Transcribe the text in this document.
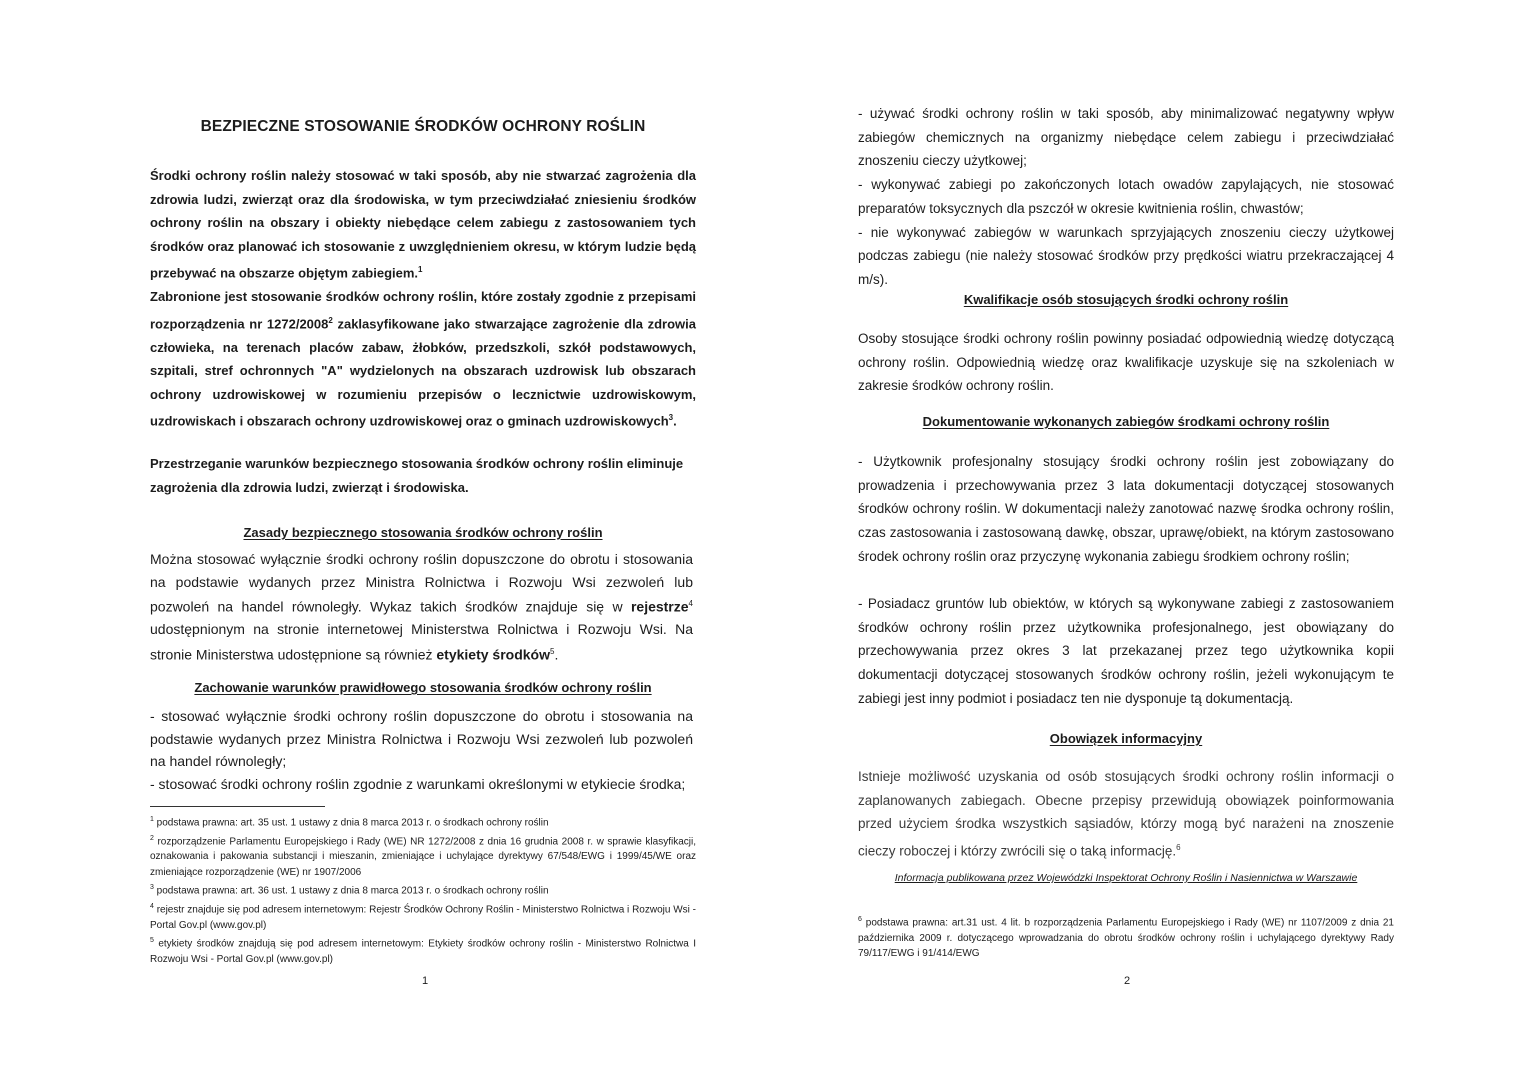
BEZPIECZNE STOSOWANIE ŚRODKÓW OCHRONY ROŚLIN

Środki ochrony roślin należy stosować w taki sposób, aby nie stwarzać zagrożenia dla zdrowia ludzi, zwierząt oraz dla środowiska, w tym przeciwdziałać zniesieniu środków ochrony roślin na obszary i obiekty niebędące celem zabiegu z zastosowaniem tych środków oraz planować ich stosowanie z uwzględnieniem okresu, w którym ludzie będą przebywać na obszarze objętym zabiegiem.$^1$

Zabronione jest stosowanie środków ochrony roślin, które zostały zgodnie z przepisami rozporządzenia nr 1272/2008$^2$ zaklasyfikowane jako stwarzające zagrożenie dla zdrowia człowieka, na terenach placów zabaw, żłobków, przedszkoli, szkół podstawowych, szpitali, stref ochronnych "A" wydzielonych na obszarach uzdrowisk lub obszarach ochrony uzdrowiskowej w rozumieniu przepisów o lecznictwie uzdrowiskowym, uzdrowiskach i obszarach ochrony uzdrowiskowej oraz o gminach uzdrowiskowych$^3$.

Przestrzeganie warunków bezpiecznego stosowania środków ochrony roślin eliminuje zagrożenia dla zdrowia ludzi, zwierząt i środowiska.

Zasady bezpiecznego stosowania środków ochrony roślin

Można stosować wyłącznie środki ochrony roślin dopuszczone do obrotu i stosowania na podstawie wydanych przez Ministra Rolnictwa i Rozwoju Wsi zezwoleń lub pozwoleń na handel równoległy. Wykaz takich środków znajduje się w rejestrze$^4$ udostępnionym na stronie internetowej Ministerstwa Rolnictwa i Rozwoju Wsi. Na stronie Ministerstwa udostępnione są również etykiety środków$^5$.

Zachowanie warunków prawidłowego stosowania środków ochrony roślin

- stosować wyłącznie środki ochrony roślin dopuszczone do obrotu i stosowania na podstawie wydanych przez Ministra Rolnictwa i Rozwoju Wsi zezwoleń lub pozwoleń na handel równoległy;
- stosować środki ochrony roślin zgodnie z warunkami określonymi w etykiecie środka;

$^1$ podstawa prawna: art. 35 ust. 1 ustawy z dnia 8 marca 2013 r. o środkach ochrony roślin
$^2$ rozporządzenie Parlamentu Europejskiego i Rady (WE) NR 1272/2008 z dnia 16 grudnia 2008 r. w sprawie klasyfikacji, oznakowania i pakowania substancji i mieszanin, zmieniające i uchylające dyrektywy 67/548/EWG i 1999/45/WE oraz zmieniające rozporządzenie (WE) nr 1907/2006
$^3$ podstawa prawna: art. 36 ust. 1 ustawy z dnia 8 marca 2013 r. o środkach ochrony roślin
$^4$ rejestr znajduje się pod adresem internetowym: Rejestr Środków Ochrony Roślin - Ministerstwo Rolnictwa i Rozwoju Wsi - Portal Gov.pl (www.gov.pl)
$^5$ etykiety środków znajdują się pod adresem internetowym: Etykiety środków ochrony roślin - Ministerstwo Rolnictwa I Rozwoju Wsi - Portal Gov.pl (www.gov.pl)
1

- używać środki ochrony roślin w taki sposób, aby minimalizować negatywny wpływ zabiegów chemicznych na organizmy niebędące celem zabiegu i przeciwdziałać znoszeniu cieczy użytkowej;
- wykonywać zabiegi po zakończonych lotach owadów zapylających, nie stosować preparatów toksycznych dla pszczół w okresie kwitnienia roślin, chwastów;
- nie wykonywać zabiegów w warunkach sprzyjających znoszeniu cieczy użytkowej podczas zabiegu (nie należy stosować środków przy prędkości wiatru przekraczającej 4 m/s).

Kwalifikacje osób stosujących środki ochrony roślin

Osoby stosujące środki ochrony roślin powinny posiadać odpowiednią wiedzę dotyczącą ochrony roślin. Odpowiednią wiedzę oraz kwalifikacje uzyskuje się na szkoleniach w zakresie środków ochrony roślin.

Dokumentowanie wykonanych zabiegów środkami ochrony roślin

- Użytkownik profesjonalny stosujący środki ochrony roślin jest zobowiązany do prowadzenia i przechowywania przez 3 lata dokumentacji dotyczącej stosowanych środków ochrony roślin. W dokumentacji należy zanotować nazwę środka ochrony roślin, czas zastosowania i zastosowaną dawkę, obszar, uprawę/obiekt, na którym zastosowano środek ochrony roślin oraz przyczynę wykonania zabiegu środkiem ochrony roślin;

- Posiadacz gruntów lub obiektów, w których są wykonywane zabiegi z zastosowaniem środków ochrony roślin przez użytkownika profesjonalnego, jest obowiązany do przechowywania przez okres 3 lat przekazanej przez tego użytkownika kopii dokumentacji dotyczącej stosowanych środków ochrony roślin, jeżeli wykonującym te zabiegi jest inny podmiot i posiadacz ten nie dysponuje tą dokumentacją.

Obowiązek informacyjny

Istnieje możliwość uzyskania od osób stosujących środki ochrony roślin informacji o zaplanowanych zabiegach. Obecne przepisy przewidują obowiązek poinformowania przed użyciem środka wszystkich sąsiadów, którzy mogą być narażeni na znoszenie cieczy roboczej i którzy zwrócili się o taką informację.$^6$

Informacja publikowana przez Wojewódzki Inspektorat Ochrony Roślin i Nasiennictwa w Warszawie
$^6$ podstawa prawna: art.31 ust. 4 lit. b rozporządzenia Parlamentu Europejskiego i Rady (WE) nr 1107/2009 z dnia 21 października 2009 r. dotyczącego wprowadzania do obrotu środków ochrony roślin i uchylającego dyrektywy Rady 79/117/EWG i 91/414/EWG
2
